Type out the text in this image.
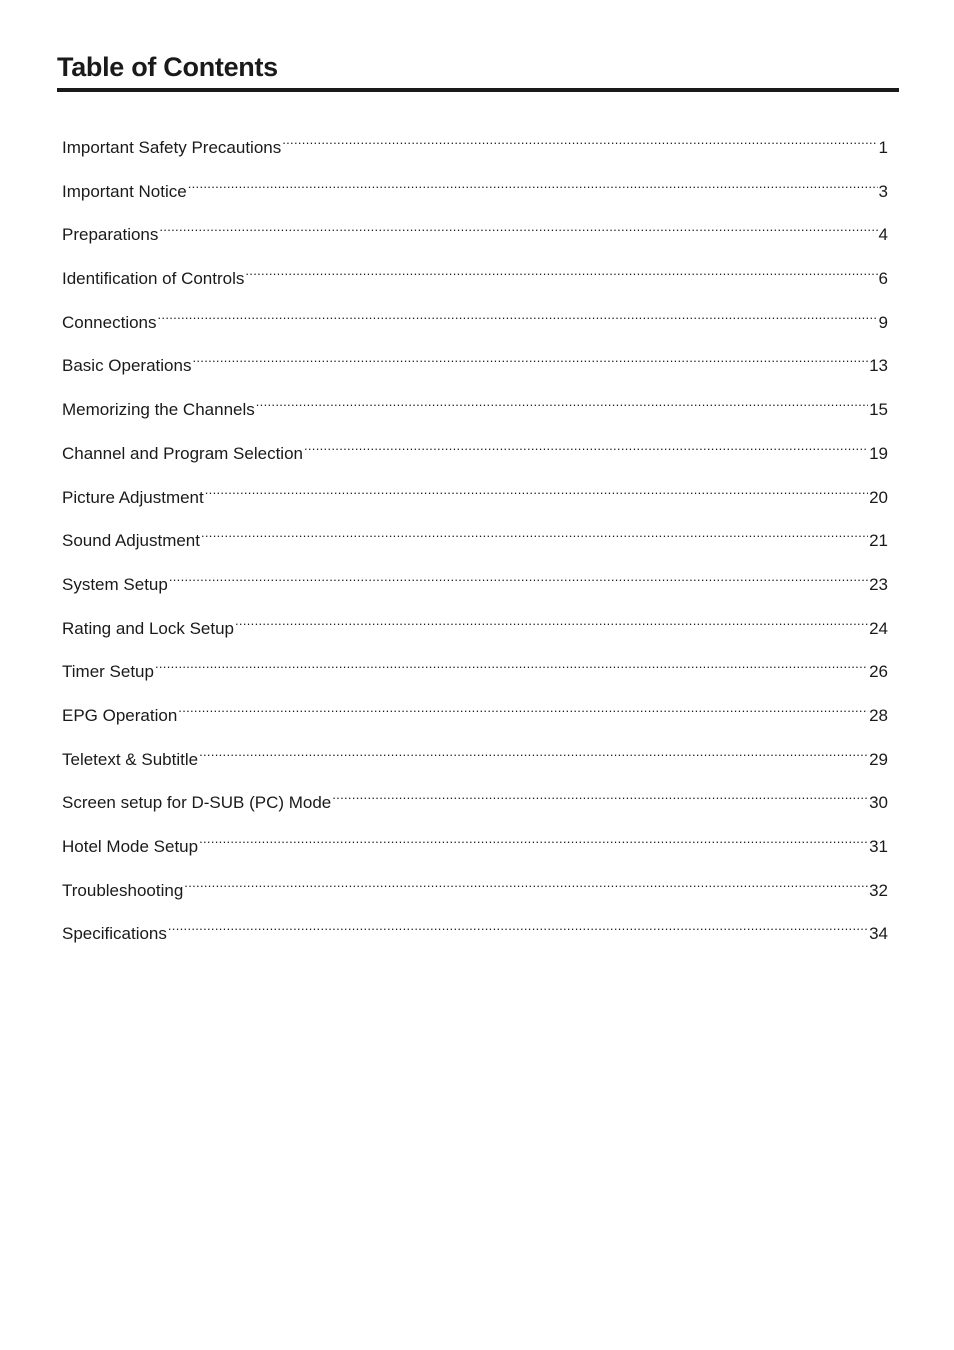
Table of Contents
Important Safety Precautions .....	1
Important Notice .....	3
Preparations .....	4
Identification of Controls .....	6
Connections .....	9
Basic Operations .....	13
Memorizing the Channels .....	15
Channel and Program Selection .....	19
Picture Adjustment .....	20
Sound Adjustment .....	21
System Setup .....	23
Rating and Lock Setup .....	24
Timer Setup .....	26
EPG Operation .....	28
Teletext & Subtitle .....	29
Screen setup for D-SUB (PC) Mode .....	30
Hotel Mode Setup .....	31
Troubleshooting .....	32
Specifications .....	34
